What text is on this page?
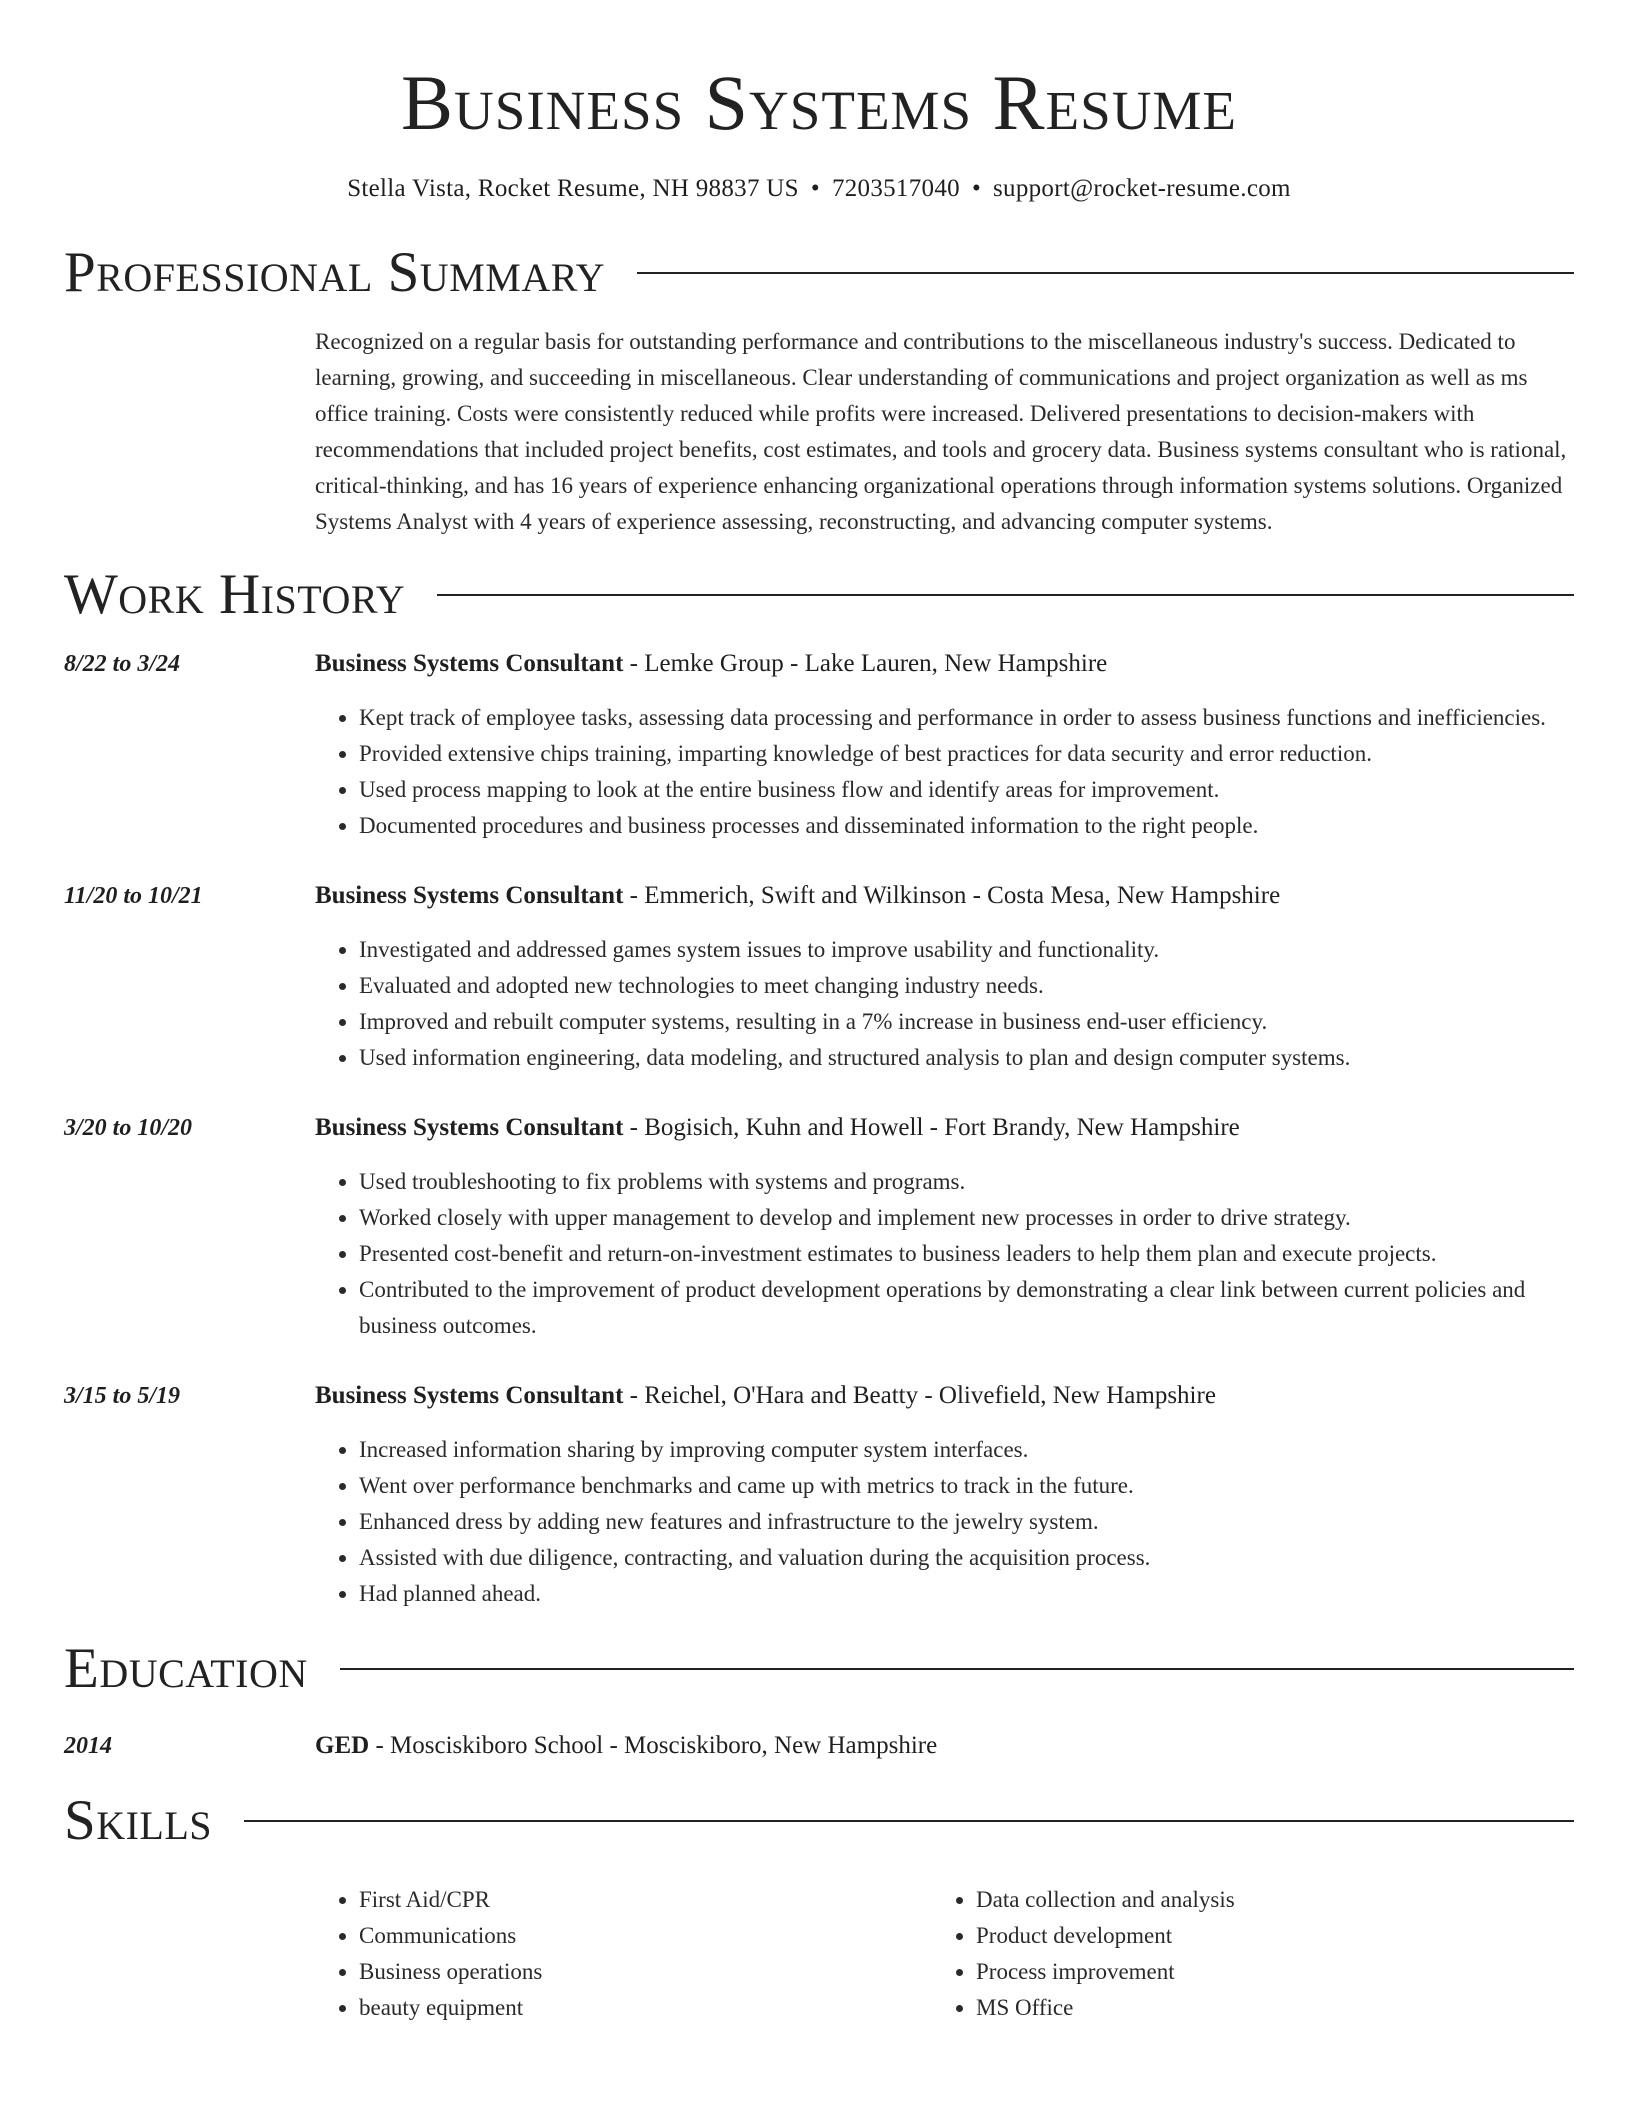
Business Systems Resume
Stella Vista, Rocket Resume, NH 98837 US • 7203517040 • support@rocket-resume.com
Professional Summary
Recognized on a regular basis for outstanding performance and contributions to the miscellaneous industry's success. Dedicated to learning, growing, and succeeding in miscellaneous. Clear understanding of communications and project organization as well as ms office training. Costs were consistently reduced while profits were increased. Delivered presentations to decision-makers with recommendations that included project benefits, cost estimates, and tools and grocery data. Business systems consultant who is rational, critical-thinking, and has 16 years of experience enhancing organizational operations through information systems solutions. Organized Systems Analyst with 4 years of experience assessing, reconstructing, and advancing computer systems.
Work History
8/22 to 3/24	Business Systems Consultant - Lemke Group - Lake Lauren, New Hampshire
• Kept track of employee tasks, assessing data processing and performance in order to assess business functions and inefficiencies.
• Provided extensive chips training, imparting knowledge of best practices for data security and error reduction.
• Used process mapping to look at the entire business flow and identify areas for improvement.
• Documented procedures and business processes and disseminated information to the right people.
11/20 to 10/21	Business Systems Consultant - Emmerich, Swift and Wilkinson - Costa Mesa, New Hampshire
• Investigated and addressed games system issues to improve usability and functionality.
• Evaluated and adopted new technologies to meet changing industry needs.
• Improved and rebuilt computer systems, resulting in a 7% increase in business end-user efficiency.
• Used information engineering, data modeling, and structured analysis to plan and design computer systems.
3/20 to 10/20	Business Systems Consultant - Bogisich, Kuhn and Howell - Fort Brandy, New Hampshire
• Used troubleshooting to fix problems with systems and programs.
• Worked closely with upper management to develop and implement new processes in order to drive strategy.
• Presented cost-benefit and return-on-investment estimates to business leaders to help them plan and execute projects.
• Contributed to the improvement of product development operations by demonstrating a clear link between current policies and business outcomes.
3/15 to 5/19	Business Systems Consultant - Reichel, O'Hara and Beatty - Olivefield, New Hampshire
• Increased information sharing by improving computer system interfaces.
• Went over performance benchmarks and came up with metrics to track in the future.
• Enhanced dress by adding new features and infrastructure to the jewelry system.
• Assisted with due diligence, contracting, and valuation during the acquisition process.
• Had planned ahead.
Education
2014	GED - Mosciskiboro School - Mosciskiboro, New Hampshire
Skills
• First Aid/CPR
• Communications
• Business operations
• beauty equipment
• Data collection and analysis
• Product development
• Process improvement
• MS Office
